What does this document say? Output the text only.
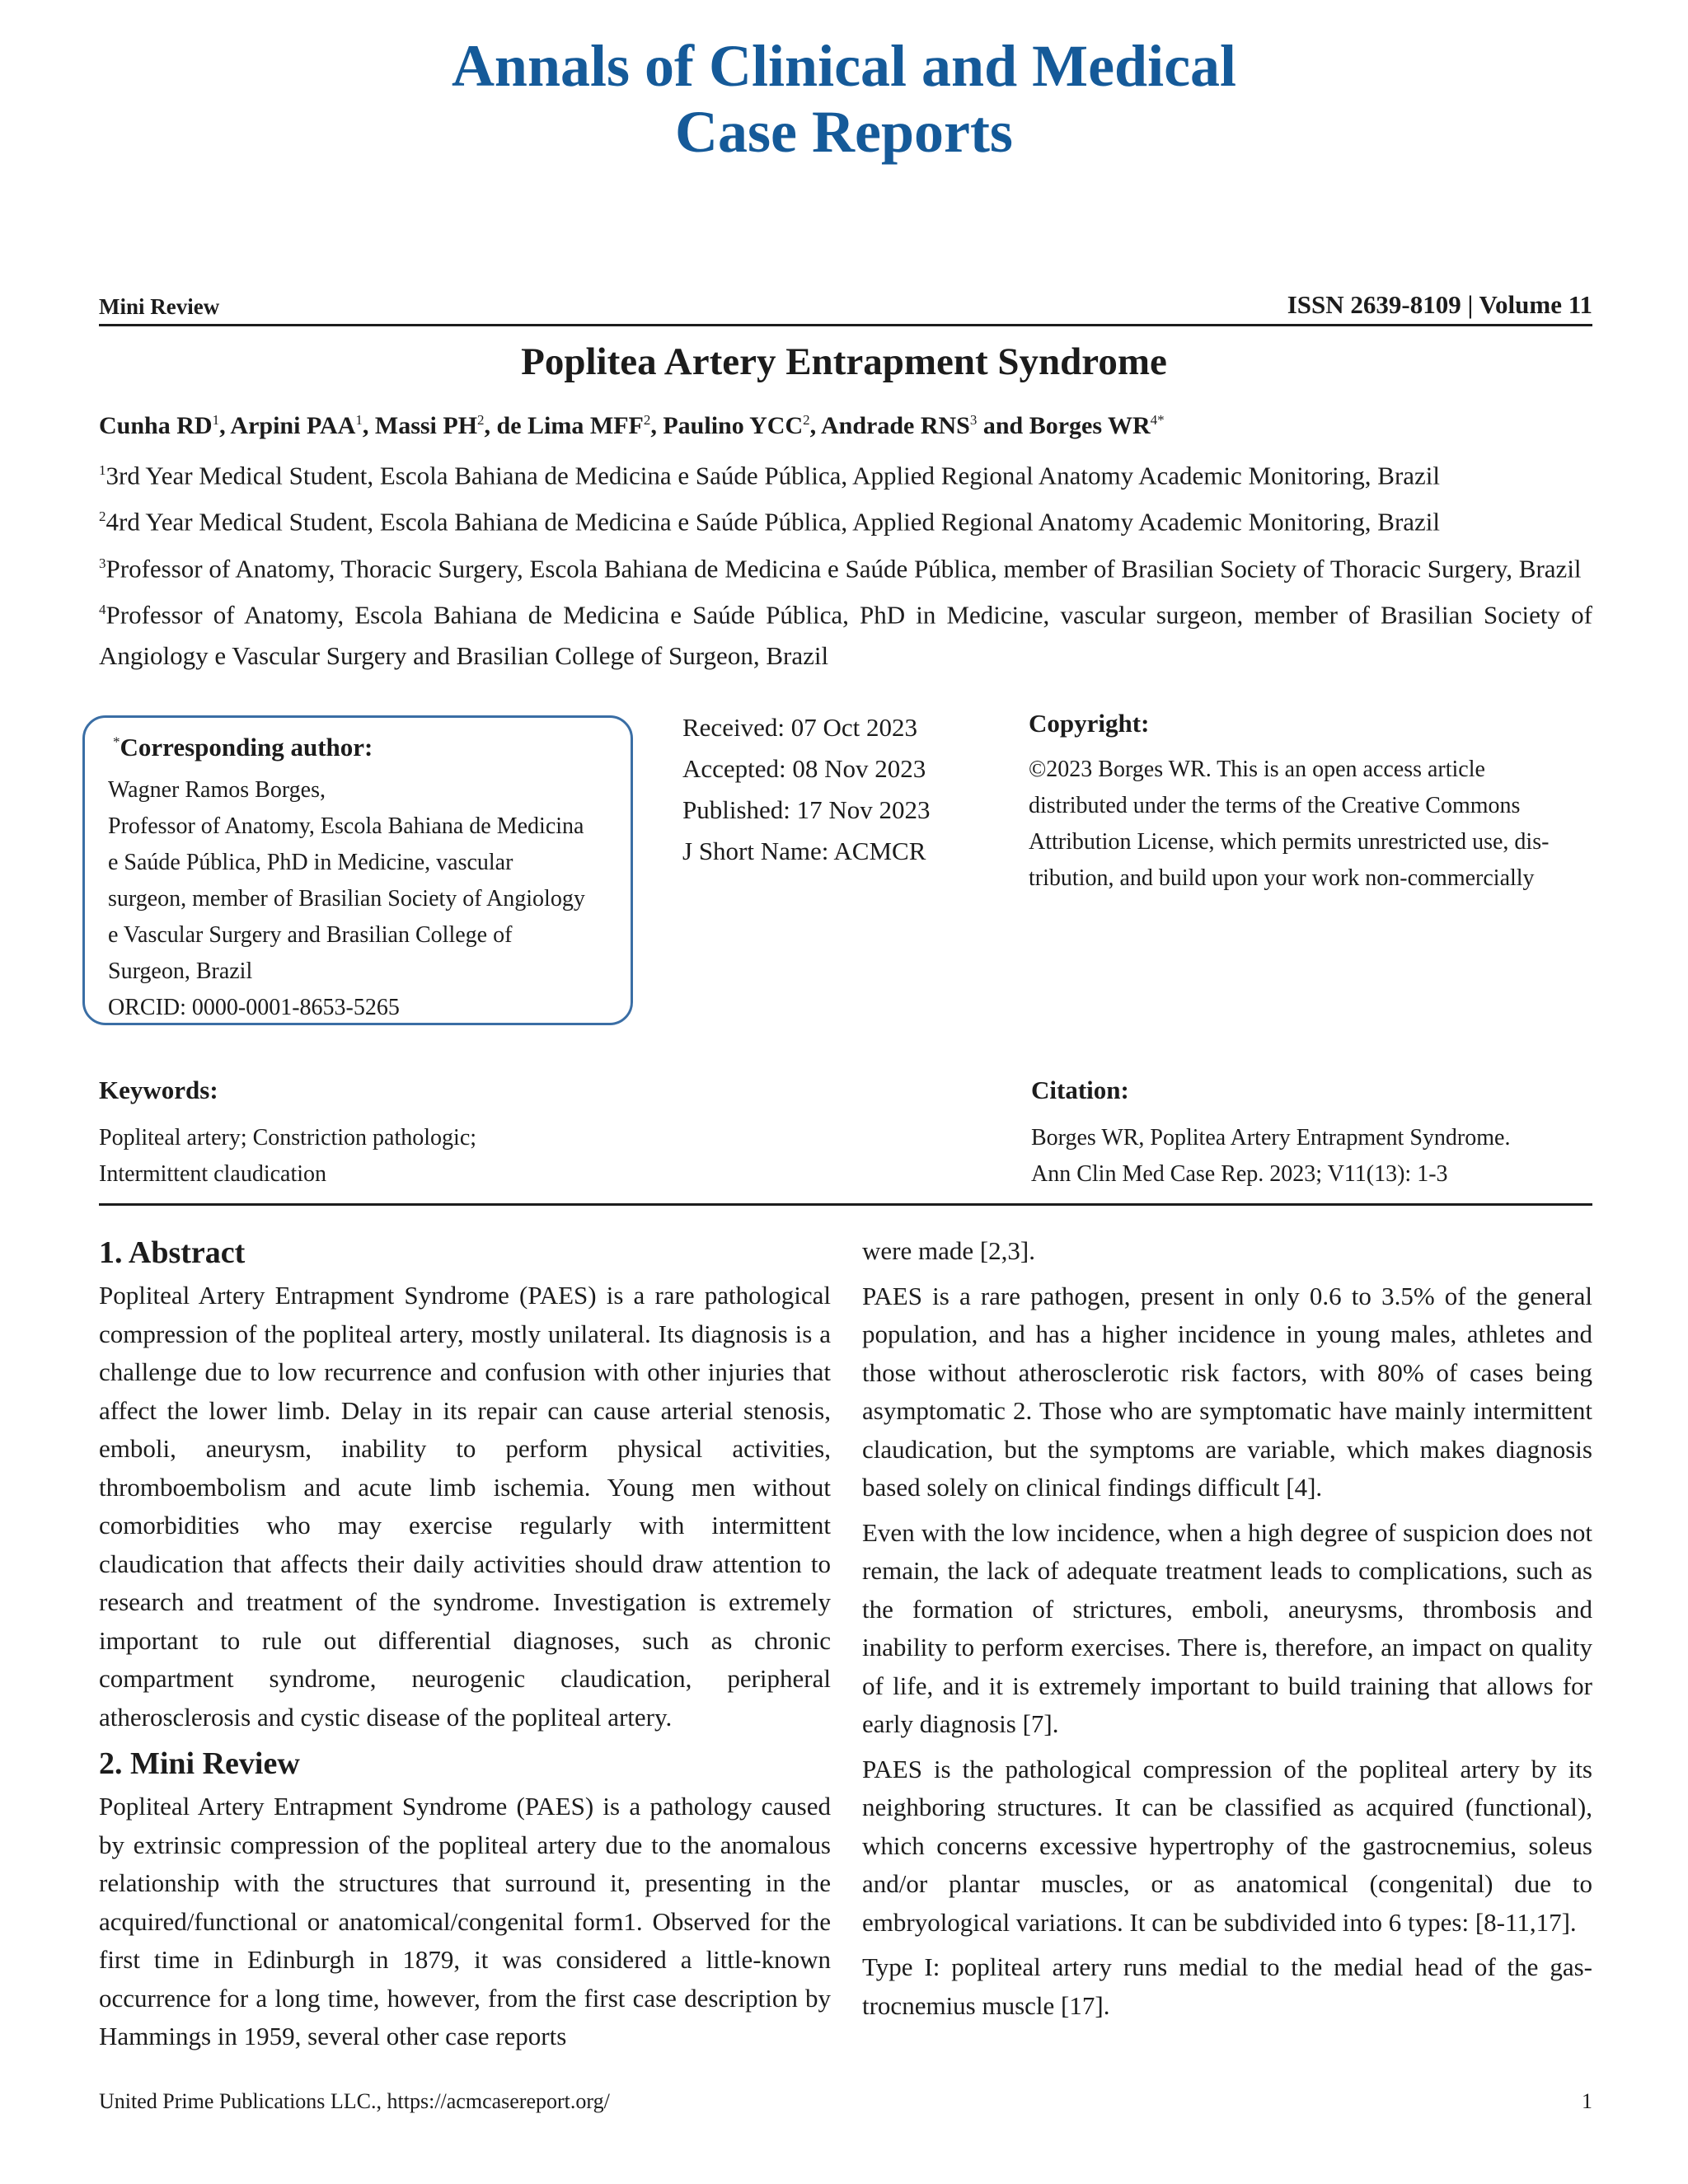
Annals of Clinical and Medical
Case Reports
Mini Review	ISSN 2639-8109 | Volume 11
Poplitea Artery Entrapment Syndrome
Cunha $RD^1$, Arpini PAA$^1$, Massi $PH^2$, de Lima MFF$^2$, Paulino YCC$^2$, Andrade RNS$^3$ and Borges $WR^{4*}$
$^1$3rd Year Medical Student, Escola Bahiana de Medicina e Saúde Pública, Applied Regional Anatomy Academic Monitoring, Brazil
$^2$4rd Year Medical Student, Escola Bahiana de Medicina e Saúde Pública, Applied Regional Anatomy Academic Monitoring, Brazil
$^3$Professor of Anatomy, Thoracic Surgery, Escola Bahiana de Medicina e Saúde Pública, member of Brasilian Society of Thoracic Surgery, Brazil
$^4$Professor of Anatomy, Escola Bahiana de Medicina e Saúde Pública, PhD in Medicine, vascular surgeon, member of Brasilian Society of Angiology e Vascular Surgery and Brasilian College of Surgeon, Brazil
*Corresponding author:
Wagner Ramos Borges,
Professor of Anatomy, Escola Bahiana de Medicina
e Saúde Pública, PhD in Medicine, vascular
surgeon, member of Brasilian Society of Angiology
e Vascular Surgery and Brasilian College of
Surgeon, Brazil
ORCID: 0000-0001-8653-5265
Received: 07 Oct 2023
Accepted: 08 Nov 2023
Published: 17 Nov 2023
J Short Name: ACMCR
Copyright:
©2023 Borges WR. This is an open access article
distributed under the terms of the Creative Commons
Attribution License, which permits unrestricted use, dis-
tribution, and build upon your work non-commercially
Keywords:
Popliteal artery; Constriction pathologic;
Intermittent claudication
Citation:
Borges WR, Poplitea Artery Entrapment Syndrome.
Ann Clin Med Case Rep. 2023; V11(13): 1-3
1. Abstract

Popliteal Artery Entrapment Syndrome (PAES) is a rare pathological compression of the popliteal artery, mostly unilateral. Its diagnosis is a challenge due to low recurrence and confusion with other injuries that affect the lower limb. Delay in its repair can cause arterial stenosis, emboli, aneurysm, inability to perform physical activities, thromboembolism and acute limb ischemia. Young men without comorbidities who may exercise regularly with intermittent claudication that affects their daily activities should draw attention to research and treatment of the syndrome. Investigation is extremely important to rule out differential diagnoses, such as chronic compartment syndrome, neurogenic claudication, peripheral atherosclerosis and cystic disease of the popliteal artery.

2. Mini Review

Popliteal Artery Entrapment Syndrome (PAES) is a pathology caused by extrinsic compression of the popliteal artery due to the anomalous relationship with the structures that surround it, presenting in the acquired/functional or anatomical/congenital form1. Observed for the first time in Edinburgh in 1879, it was considered a little-known occurrence for a long time, however, from the first case description by Hammings in 1959, several other case reports

were made [2,3].

PAES is a rare pathogen, present in only 0.6 to 3.5% of the general population, and has a higher incidence in young males, athletes and those without atherosclerotic risk factors, with 80% of cases being asymptomatic 2. Those who are symptomatic have mainly intermittent claudication, but the symptoms are variable, which makes diagnosis based solely on clinical findings difficult [4].

Even with the low incidence, when a high degree of suspicion does not remain, the lack of adequate treatment leads to complications, such as the formation of strictures, emboli, aneurysms, thrombosis and inability to perform exercises. There is, therefore, an impact on quality of life, and it is extremely important to build training that allows for early diagnosis [7].

PAES is the pathological compression of the popliteal artery by its neighboring structures. It can be classified as acquired (functional), which concerns excessive hypertrophy of the gastrocnemius, soleus and/or plantar muscles, or as anatomical (congenital) due to embryological variations. It can be subdivided into 6 types: [8-11,17].

Type I: popliteal artery runs medial to the medial head of the gastrocnemius muscle [17].

United Prime Publications LLC., https://acmcasereport.org/	1
